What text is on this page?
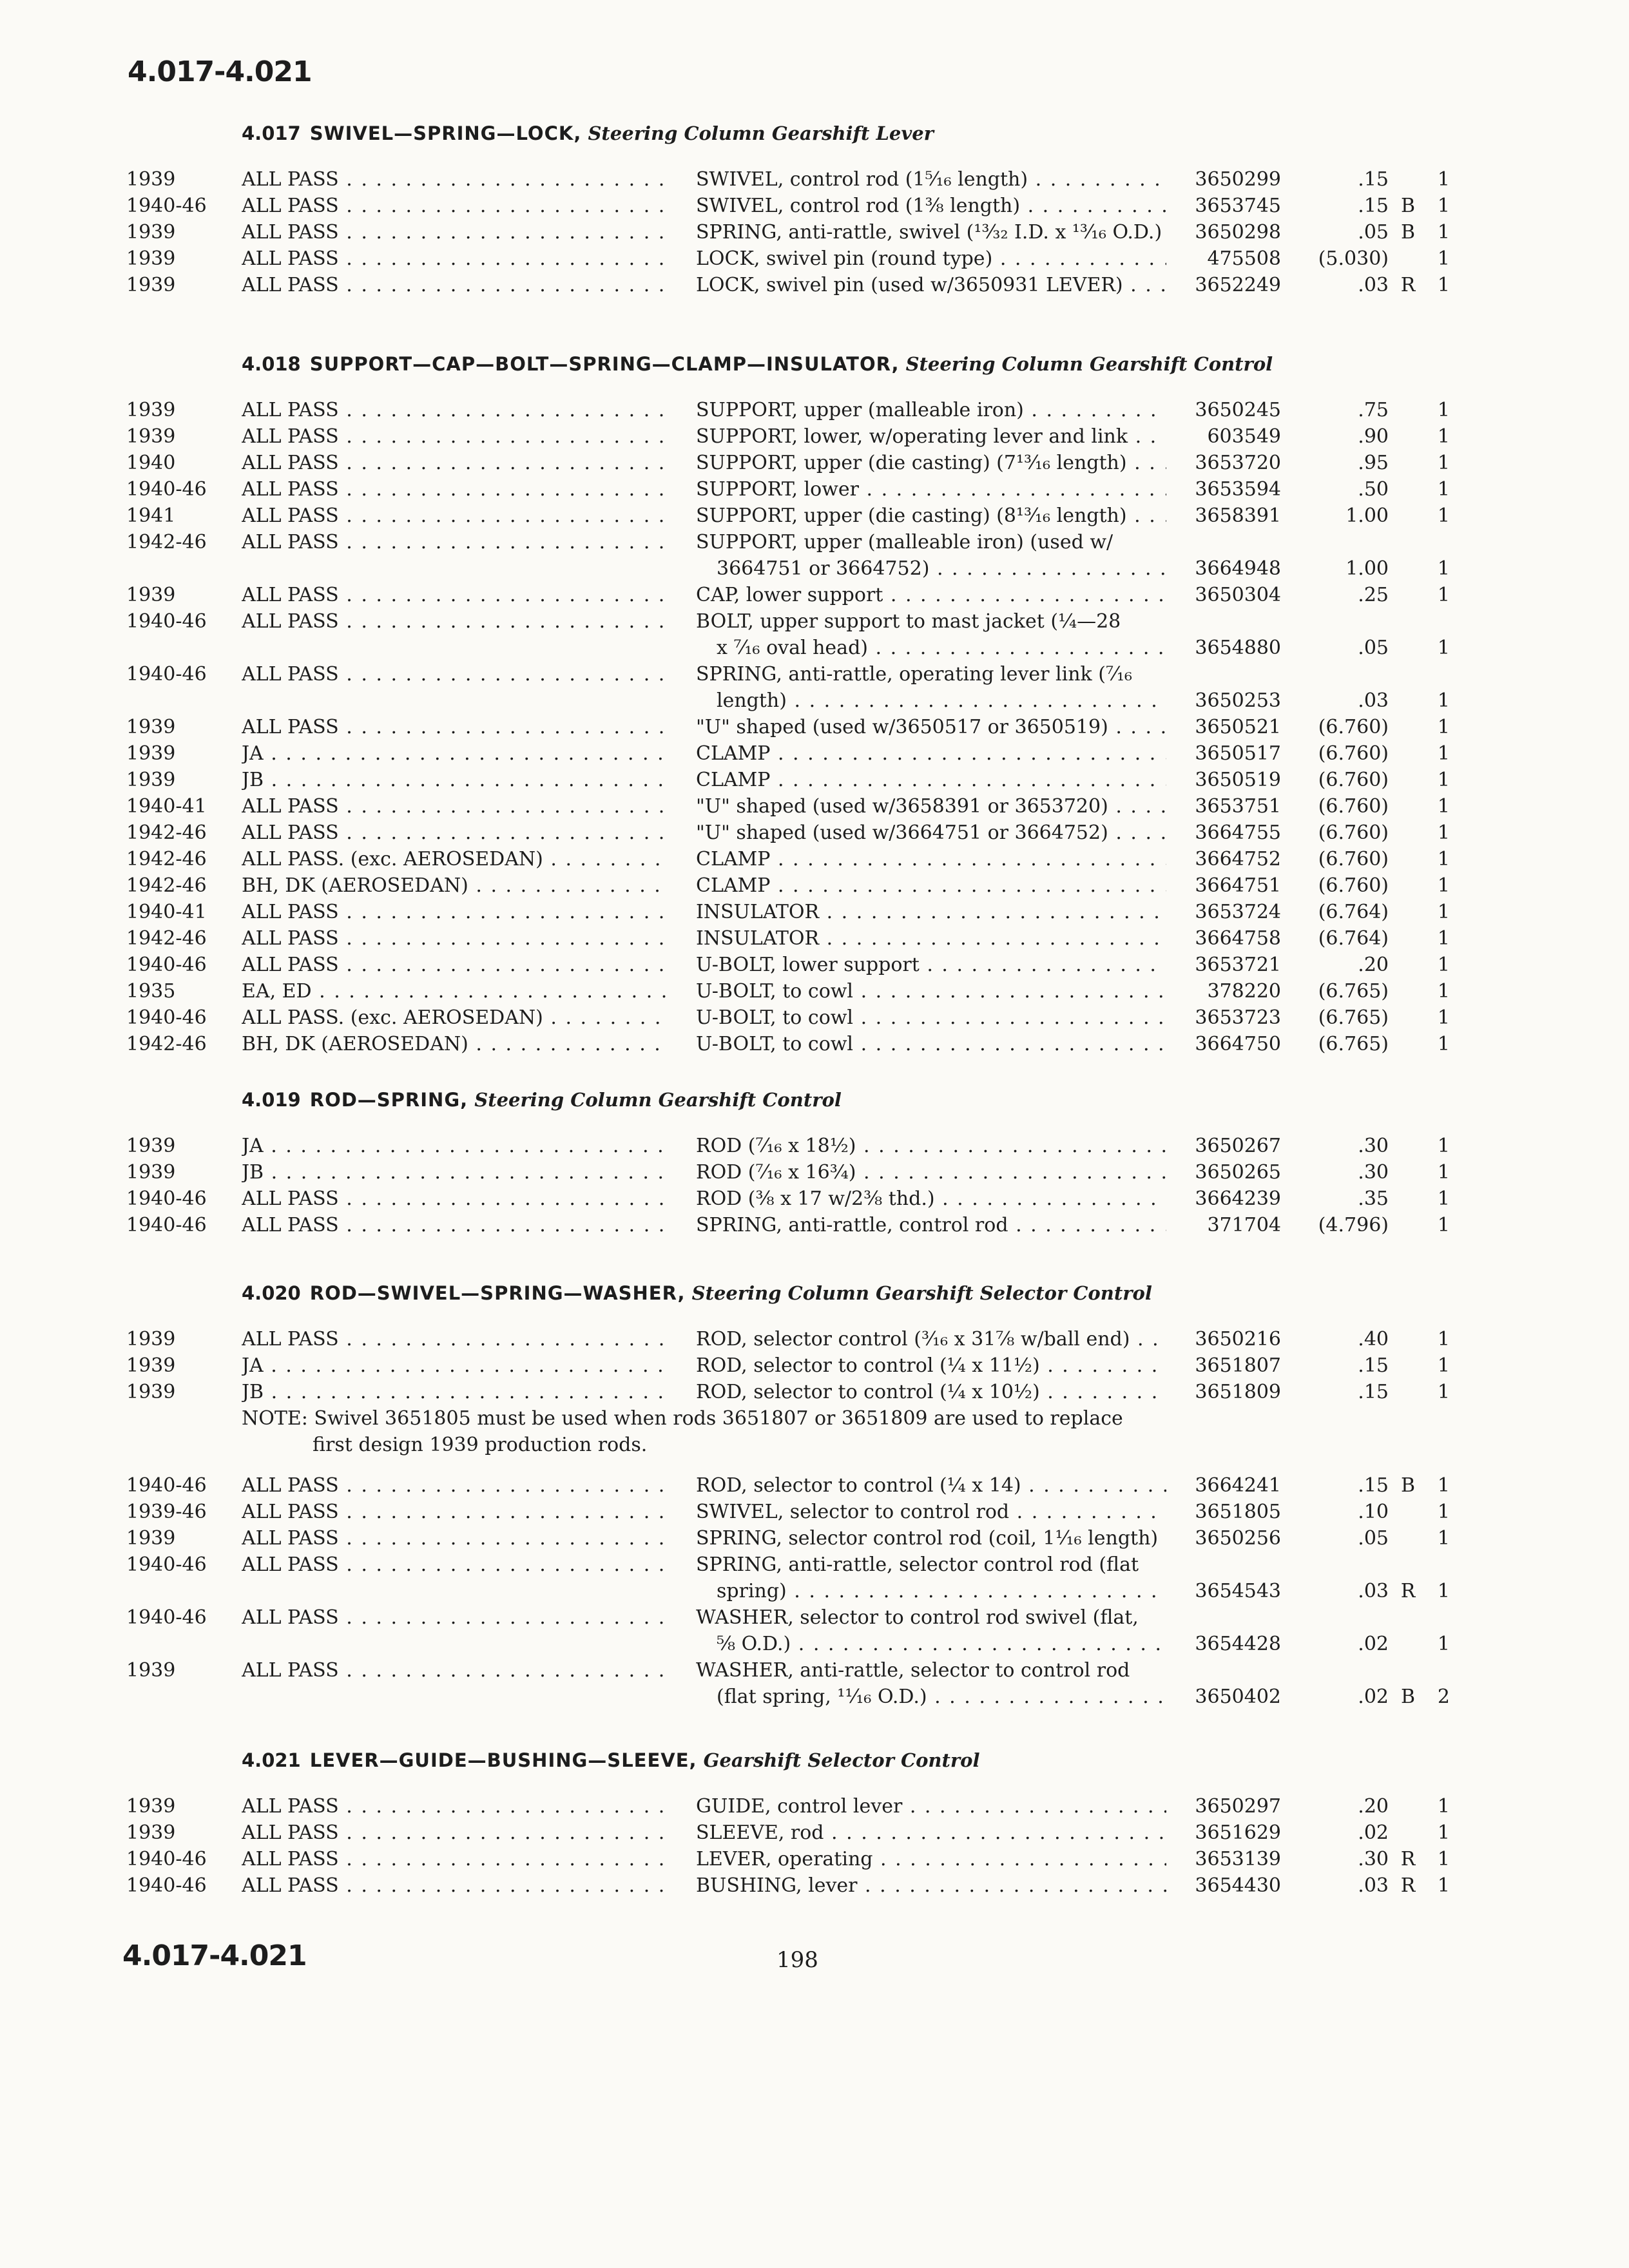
4.017-4.021
4.017 SWIVEL—SPRING—LOCK, Steering Column Gearshift Lever
1939	ALL PASS . . .	SWIVEL, control rod (1⁵⁄₁₆ length) . . .	3650299	.15	1
1940-46 ALL PASS . . .	SWIVEL, control rod (1⅜ length) . . .	3653745	.15 B	1
1939	ALL PASS . . .	SPRING, anti-rattle, swivel (¹³⁄₃₂ I.D. x ¹³⁄₁₆ O.D.) . . .	3650298	.05 B	1
1939	ALL PASS . . .	LOCK, swivel pin (round type) . . .	475508	(5.030)	1
1939	ALL PASS . . .	LOCK, swivel pin (used w/3650931 LEVER) . . .	3652249	.03 R	1
4.018 SUPPORT—CAP—BOLT—SPRING—CLAMP—INSULATOR, Steering Column Gearshift Control
1939	ALL PASS . . .	SUPPORT, upper (malleable iron) . . .	3650245	.75	1
1939	ALL PASS . . .	SUPPORT, lower, w/operating lever and link . . .	603549	.90	1
1940	ALL PASS . . .	SUPPORT, upper (die casting) (7¹³⁄₁₆ length) . . .	3653720	.95	1
1940-46 ALL PASS . . .	SUPPORT, lower . . .	3653594	.50	1
1941	ALL PASS . . .	SUPPORT, upper (die casting) (8¹³⁄₁₆ length) . . .	3658391	1.00	1
1942-46 ALL PASS . . .	SUPPORT, upper (malleable iron) (used w/
3664751 or 3664752) . . .	3664948	1.00	1
1939	ALL PASS . . .	CAP, lower support . . .	3650304	.25	1
1940-46 ALL PASS . . .	BOLT, upper support to mast jacket (¼—28
x ⁷⁄₁₆ oval head) . . .	3654880	.05	1
1940-46 ALL PASS . . .	SPRING, anti-rattle, operating lever link (⁷⁄₁₆
length) . . .	3650253	.03	1
1939	ALL PASS . . .	"U" shaped (used w/3650517 or 3650519) . . .	3650521	(6.760)	1
1939	JA . . .	CLAMP . . .	3650517	(6.760)	1
1939	JB . . .	CLAMP . . .	3650519	(6.760)	1
1940-41 ALL PASS . . .	"U" shaped (used w/3658391 or 3653720) . . .	3653751	(6.760)	1
1942-46 ALL PASS . . .	"U" shaped (used w/3664751 or 3664752) . . .	3664755	(6.760)	1
1942-46 ALL PASS. (exc. AEROSEDAN) . . .	CLAMP . . .	3664752	(6.760)	1
1942-46 BH, DK (AEROSEDAN) . . .	CLAMP . . .	3664751	(6.760)	1
1940-41 ALL PASS . . .	INSULATOR . . .	3653724	(6.764)	1
1942-46 ALL PASS . . .	INSULATOR . . .	3664758	(6.764)	1
1940-46 ALL PASS . . .	U-BOLT, lower support . . .	3653721	.20	1
1935	EA, ED . . .	U-BOLT, to cowl . . .	378220	(6.765)	1
1940-46 ALL PASS. (exc. AEROSEDAN) . . .	U-BOLT, to cowl . . .	3653723	(6.765)	1
1942-46 BH, DK (AEROSEDAN) . . .	U-BOLT, to cowl . . .	3664750	(6.765)	1
4.019 ROD—SPRING, Steering Column Gearshift Control
1939	JA . . .	ROD (⁷⁄₁₆ x 18½) . . .	3650267	.30	1
1939	JB . . .	ROD (⁷⁄₁₆ x 16¾) . . .	3650265	.30	1
1940-46 ALL PASS . . .	ROD (⅜ x 17 w/2⅜ thd.) . . .	3664239	.35	1
1940-46 ALL PASS . . .	SPRING, anti-rattle, control rod . . .	371704	(4.796)	1
4.020 ROD—SWIVEL—SPRING—WASHER, Steering Column Gearshift Selector Control
1939	ALL PASS . . .	ROD, selector control (³⁄₁₆ x 31⅞ w/ball end) . . .	3650216	.40	1
1939	JA . . .	ROD, selector to control (¼ x 11½) . . .	3651807	.15	1
1939	JB . . .	ROD, selector to control (¼ x 10½) . . .	3651809	.15	1
NOTE: Swivel 3651805 must be used when rods 3651807 or 3651809 are used to replace
first design 1939 production rods.
1940-46 ALL PASS . . .	ROD, selector to control (¼ x 14) . . .	3664241	.15 B	1
1939-46 ALL PASS . . .	SWIVEL, selector to control rod . . .	3651805	.10	1
1939	ALL PASS . . .	SPRING, selector control rod (coil, 1¹⁄₁₆ length) . . .	3650256	.05	1
1940-46 ALL PASS . . .	SPRING, anti-rattle, selector control rod (flat
spring) . . .	3654543	.03 R	1
1940-46 ALL PASS . . .	WASHER, selector to control rod swivel (flat,
⅝ O.D.) . . .	3654428	.02	1
1939	ALL PASS . . .	WASHER, anti-rattle, selector to control rod
(flat spring, ¹¹⁄₁₆ O.D.) . . .	3650402	.02 B	2
4.021 LEVER—GUIDE—BUSHING—SLEEVE, Gearshift Selector Control
1939	ALL PASS . . .	GUIDE, control lever . . .	3650297	.20	1
1939	ALL PASS . . .	SLEEVE, rod . . .	3651629	.02	1
1940-46 ALL PASS . . .	LEVER, operating . . .	3653139	.30 R	1
1940-46 ALL PASS . . .	BUSHING, lever . . .	3654430	.03 R	1
4.017-4.021	198
